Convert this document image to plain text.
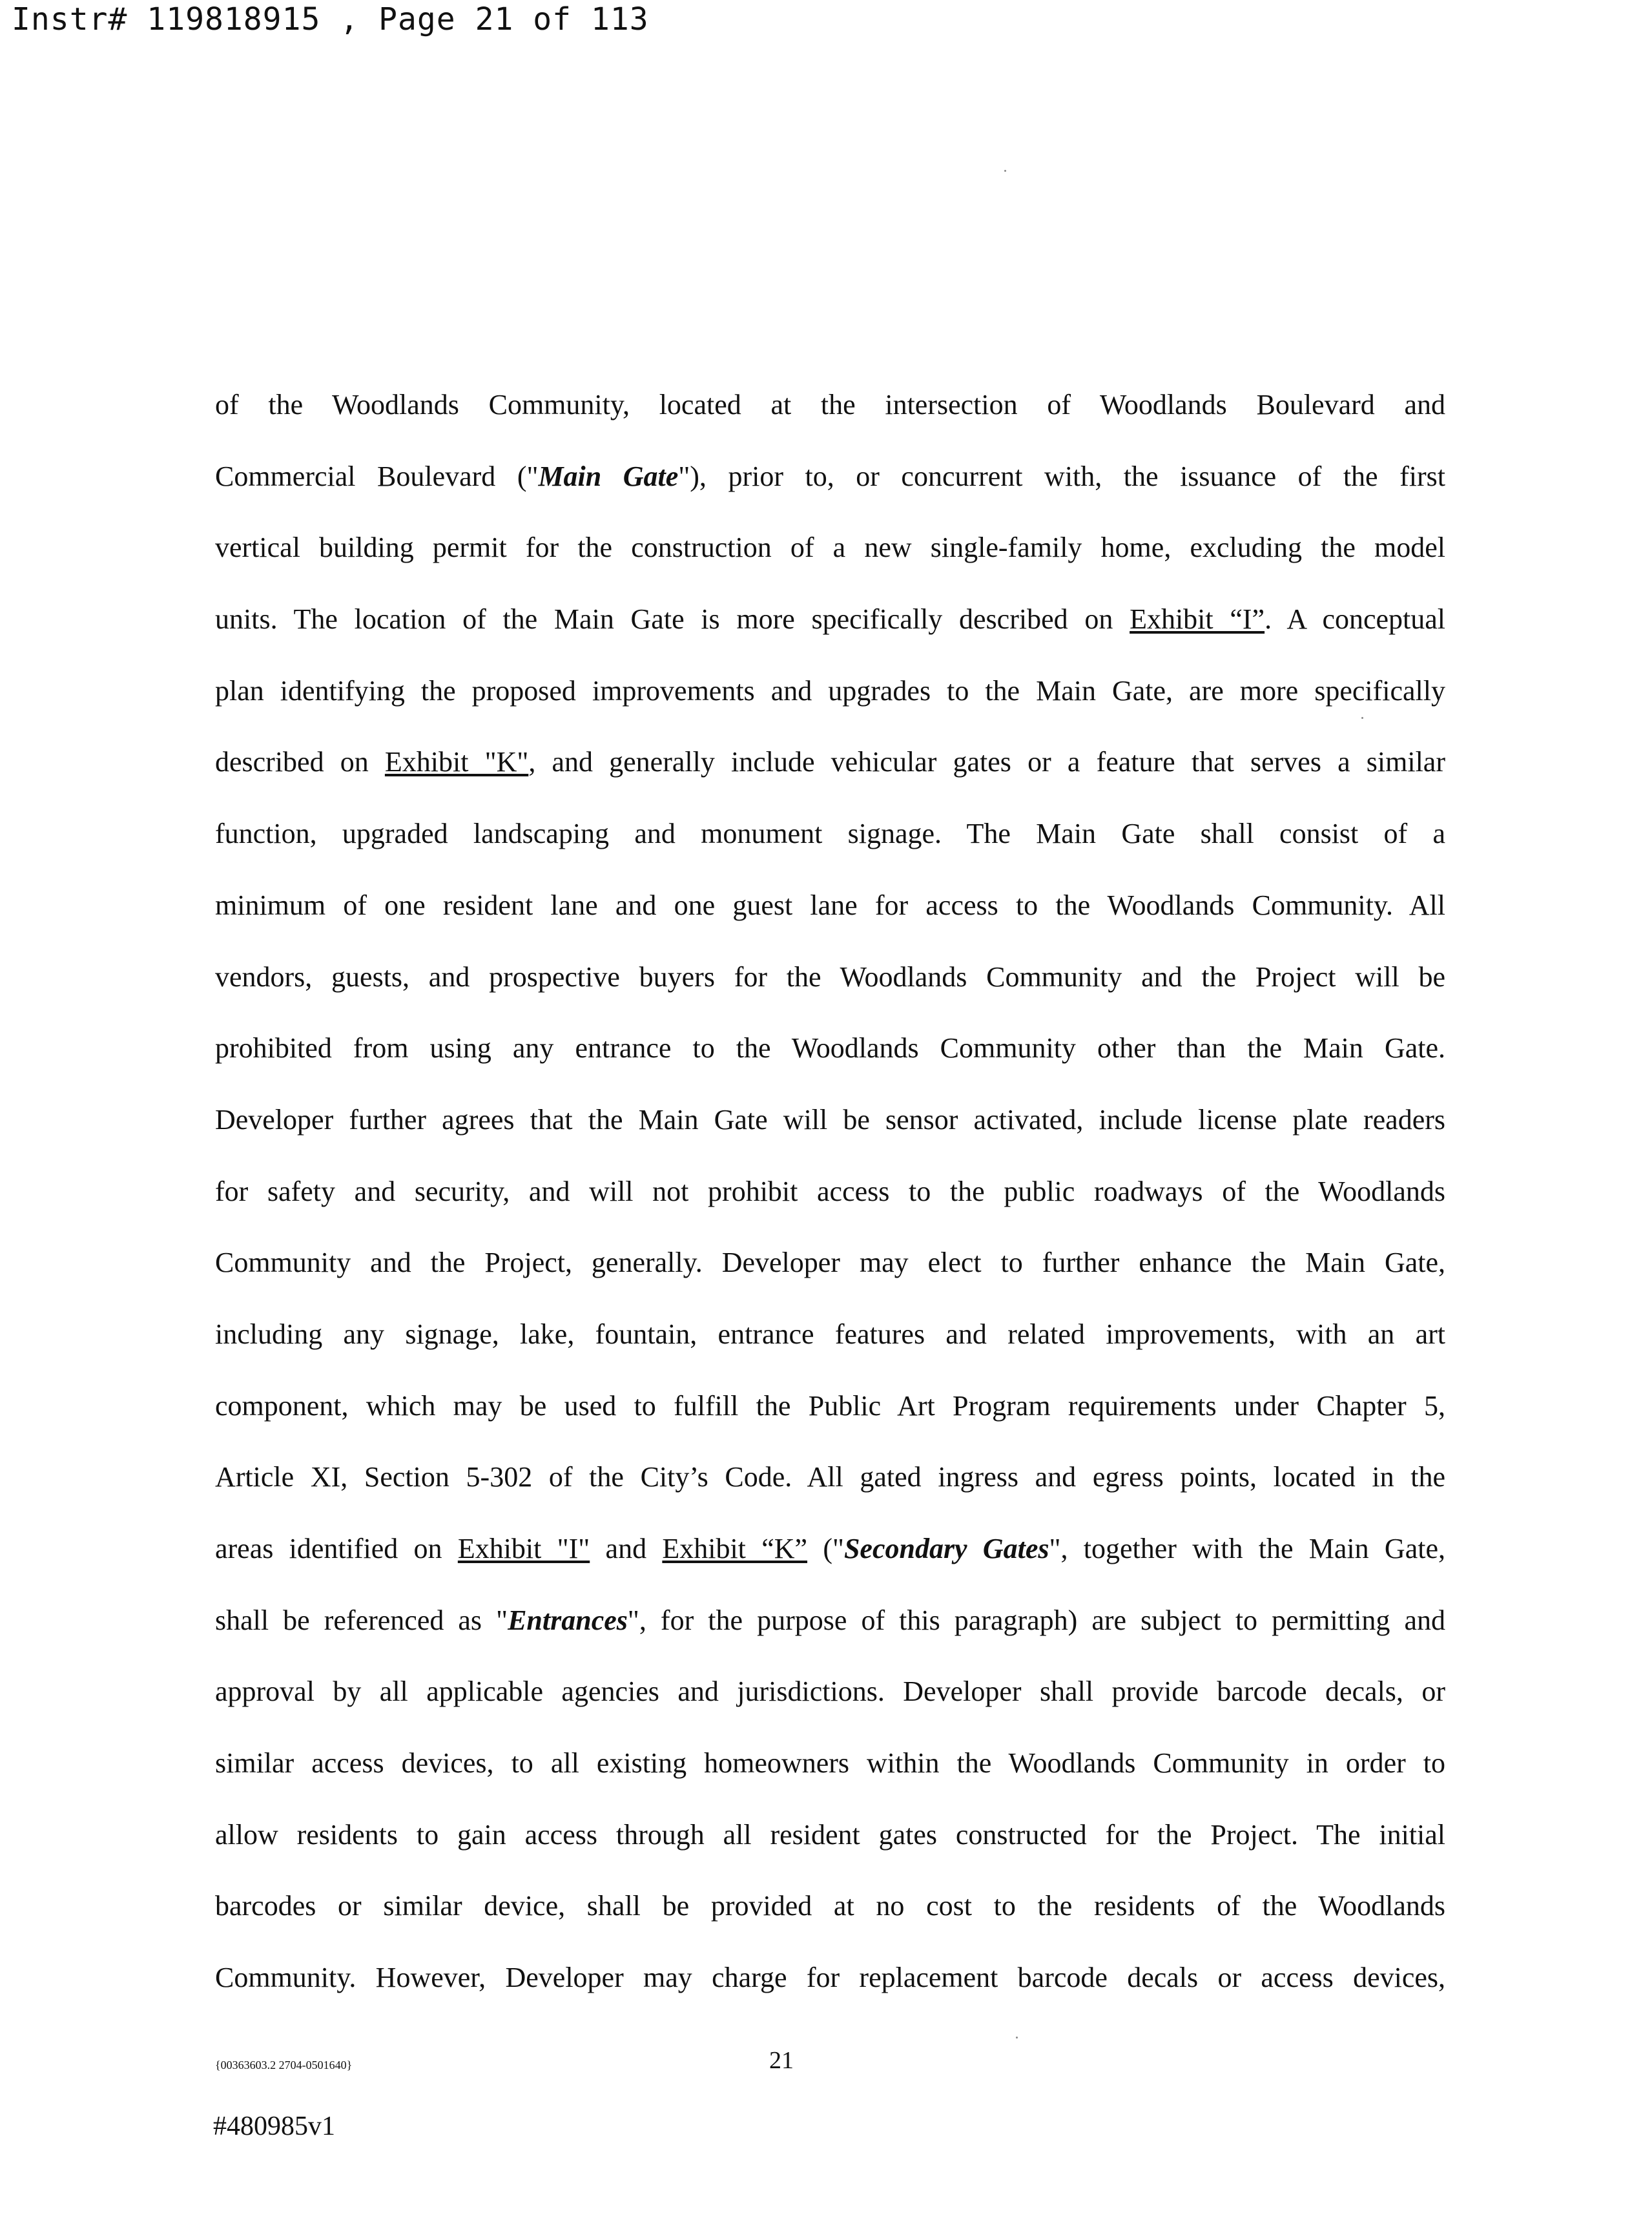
Instr# 119818915 , Page 21 of 113
of the Woodlands Community, located at the intersection of Woodlands Boulevard and
Commercial Boulevard ("Main Gate"), prior to, or concurrent with, the issuance of the first
vertical building permit for the construction of a new single-family home, excluding the model
units. The location of the Main Gate is more specifically described on Exhibit “I”. A conceptual
plan identifying the proposed improvements and upgrades to the Main Gate, are more specifically
described on Exhibit "K", and generally include vehicular gates or a feature that serves a similar
function, upgraded landscaping and monument signage. The Main Gate shall consist of a
minimum of one resident lane and one guest lane for access to the Woodlands Community. All
vendors, guests, and prospective buyers for the Woodlands Community and the Project will be
prohibited from using any entrance to the Woodlands Community other than the Main Gate.
Developer further agrees that the Main Gate will be sensor activated, include license plate readers
for safety and security, and will not prohibit access to the public roadways of the Woodlands
Community and the Project, generally. Developer may elect to further enhance the Main Gate,
including any signage, lake, fountain, entrance features and related improvements, with an art
component, which may be used to fulfill the Public Art Program requirements under Chapter 5,
Article XI, Section 5-302 of the City’s Code. All gated ingress and egress points, located in the
areas identified on Exhibit "I" and Exhibit “K” ("Secondary Gates", together with the Main Gate,
shall be referenced as "Entrances", for the purpose of this paragraph) are subject to permitting and
approval by all applicable agencies and jurisdictions. Developer shall provide barcode decals, or
similar access devices, to all existing homeowners within the Woodlands Community in order to
allow residents to gain access through all resident gates constructed for the Project. The initial
barcodes or similar device, shall be provided at no cost to the residents of the Woodlands
Community. However, Developer may charge for replacement barcode decals or access devices,
{00363603.2 2704-0501640}	21
#480985v1
